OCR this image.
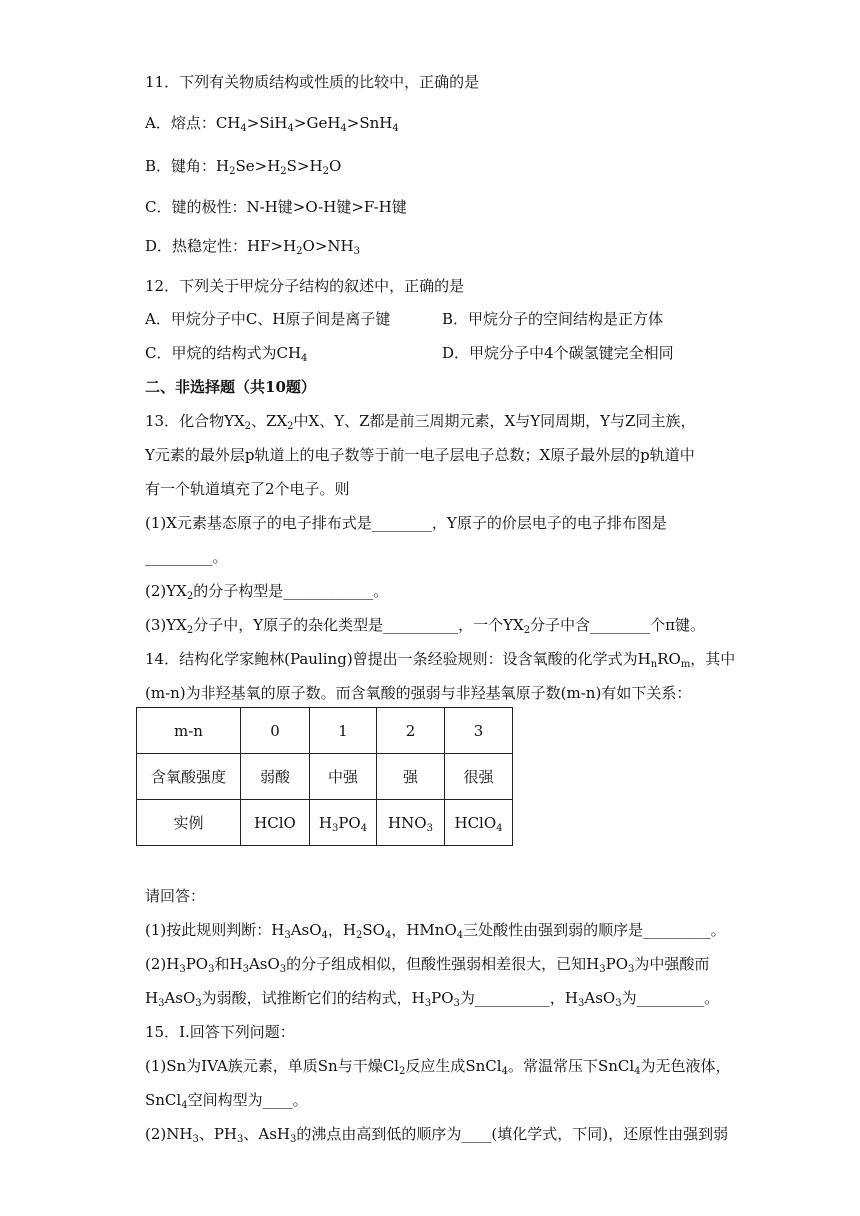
11．下列有关物质结构或性质的比较中，正确的是
A．熔点：$CH_4>SiH_4>GeH_4>SnH_4$
B．键角：$H_2Se>H_2S>H_2O$
C．键的极性：N-H键>O-H键>F-H键
D．热稳定性：$HF>H_2O>NH_3$
12．下列关于甲烷分子结构的叙述中，正确的是
A．甲烷分子中C、H原子间是离子键	B．甲烷分子的空间结构是正方体
C．甲烷的结构式为$CH_4$	D．甲烷分子中4个碳氢键完全相同
二、非选择题（共10题）
13．化合物$YX_2$、$ZX_2$中X、Y、Z都是前三周期元素，X与Y同周期，Y与Z同主族，
Y元素的最外层p轨道上的电子数等于前一电子层电子总数；X原子最外层的p轨道中
有一个轨道填充了2个电子。则
(1)X元素基态原子的电子排布式是________，Y原子的价层电子的电子排布图是
_________。
$(2)YX_2$的分子构型是____________。
$(3)YX_2$分子中，Y原子的杂化类型是__________，一个$YX_2$分子中含________个π键。
14．结构化学家鲍林(Pauling)曾提出一条经验规则：设含氧酸的化学式为$H_nRO_m$，其中
(m-n)为非羟基氧的原子数。而含氧酸的强弱与非羟基氧原子数(m-n)有如下关系：
m-n	0	1	2	3
含氧酸强度	弱酸	中强	强	很强
实例	HClO	$H_3PO_4$	$HNO_3$	HClO$_4$
请回答：
(1)按此规则判断：$H_3AsO_4$，$H_2SO_4$，HMnO$_4$三处酸性由强到弱的顺序是_________。
$(2)H_3PO_3$和$H_3AsO_3$的分子组成相似，但酸性强弱相差很大，已知$H_3PO_3$为中强酸而
$H_3AsO_3$为弱酸，试推断它们的结构式，$H_3PO_3$为__________，$H_3AsO_3$为_________。
15．I.回答下列问题：
(1)Sn为IVA族元素，单质Sn与干燥$Cl_2$反应生成SnCl$_4$。常温常压下SnCl$_4$为无色液体，
SnCl$_4$空间构型为____。
$(2)NH_3$、$PH_3$、AsH$_3$的沸点由高到低的顺序为____(填化学式，下同)，还原性由强到弱
